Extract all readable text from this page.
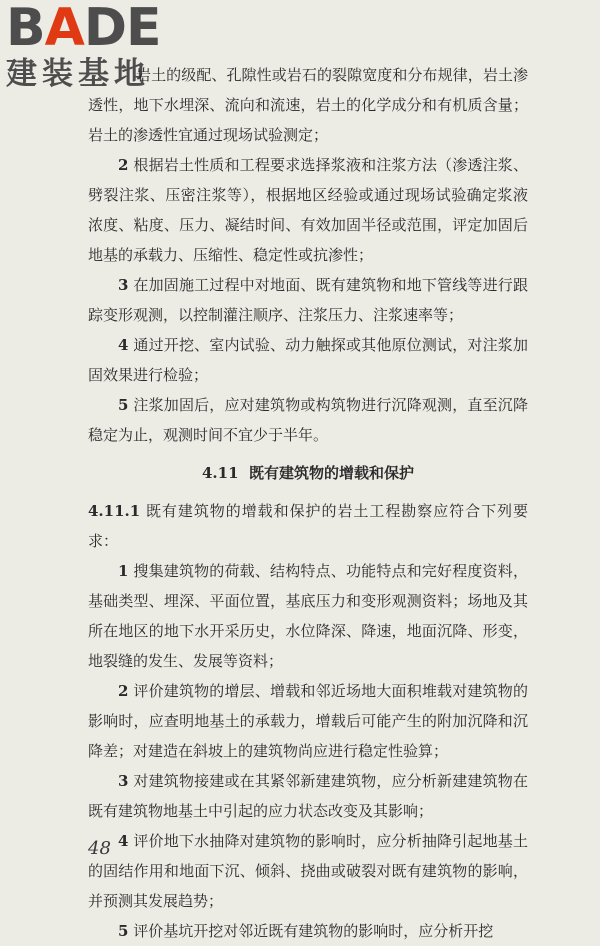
BADE
建装基地

岩土的级配、孔隙性或岩石的裂隙宽度和分布规律，岩土渗透性，地下水埋深、流向和流速，岩土的化学成分和有机质含量；岩土的渗透性宜通过现场试验测定；

2 根据岩土性质和工程要求选择浆液和注浆方法（渗透注浆、劈裂注浆、压密注浆等），根据地区经验或通过现场试验确定浆液浓度、粘度、压力、凝结时间、有效加固半径或范围，评定加固后地基的承载力、压缩性、稳定性或抗渗性；

3 在加固施工过程中对地面、既有建筑物和地下管线等进行跟踪变形观测，以控制灌注顺序、注浆压力、注浆速率等；

4 通过开挖、室内试验、动力触探或其他原位测试，对注浆加固效果进行检验；

5 注浆加固后，应对建筑物或构筑物进行沉降观测，直至沉降稳定为止，观测时间不宜少于半年。

4.11 既有建筑物的增载和保护

4.11.1 既有建筑物的增载和保护的岩土工程勘察应符合下列要求：

1 搜集建筑物的荷载、结构特点、功能特点和完好程度资料，基础类型、埋深、平面位置，基底压力和变形观测资料；场地及其所在地区的地下水开采历史，水位降深、降速，地面沉降、形变，地裂缝的发生、发展等资料；

2 评价建筑物的增层、增载和邻近场地大面积堆载对建筑物的影响时，应查明地基土的承载力，增载后可能产生的附加沉降和沉降差；对建造在斜坡上的建筑物尚应进行稳定性验算；

3 对建筑物接建或在其紧邻新建建筑物，应分析新建建筑物在既有建筑物地基土中引起的应力状态改变及其影响；

4 评价地下水抽降对建筑物的影响时，应分析抽降引起地基土的固结作用和地面下沉、倾斜、挠曲或破裂对既有建筑物的影响，并预测其发展趋势；

5 评价基坑开挖对邻近既有建筑物的影响时，应分析开挖

48
